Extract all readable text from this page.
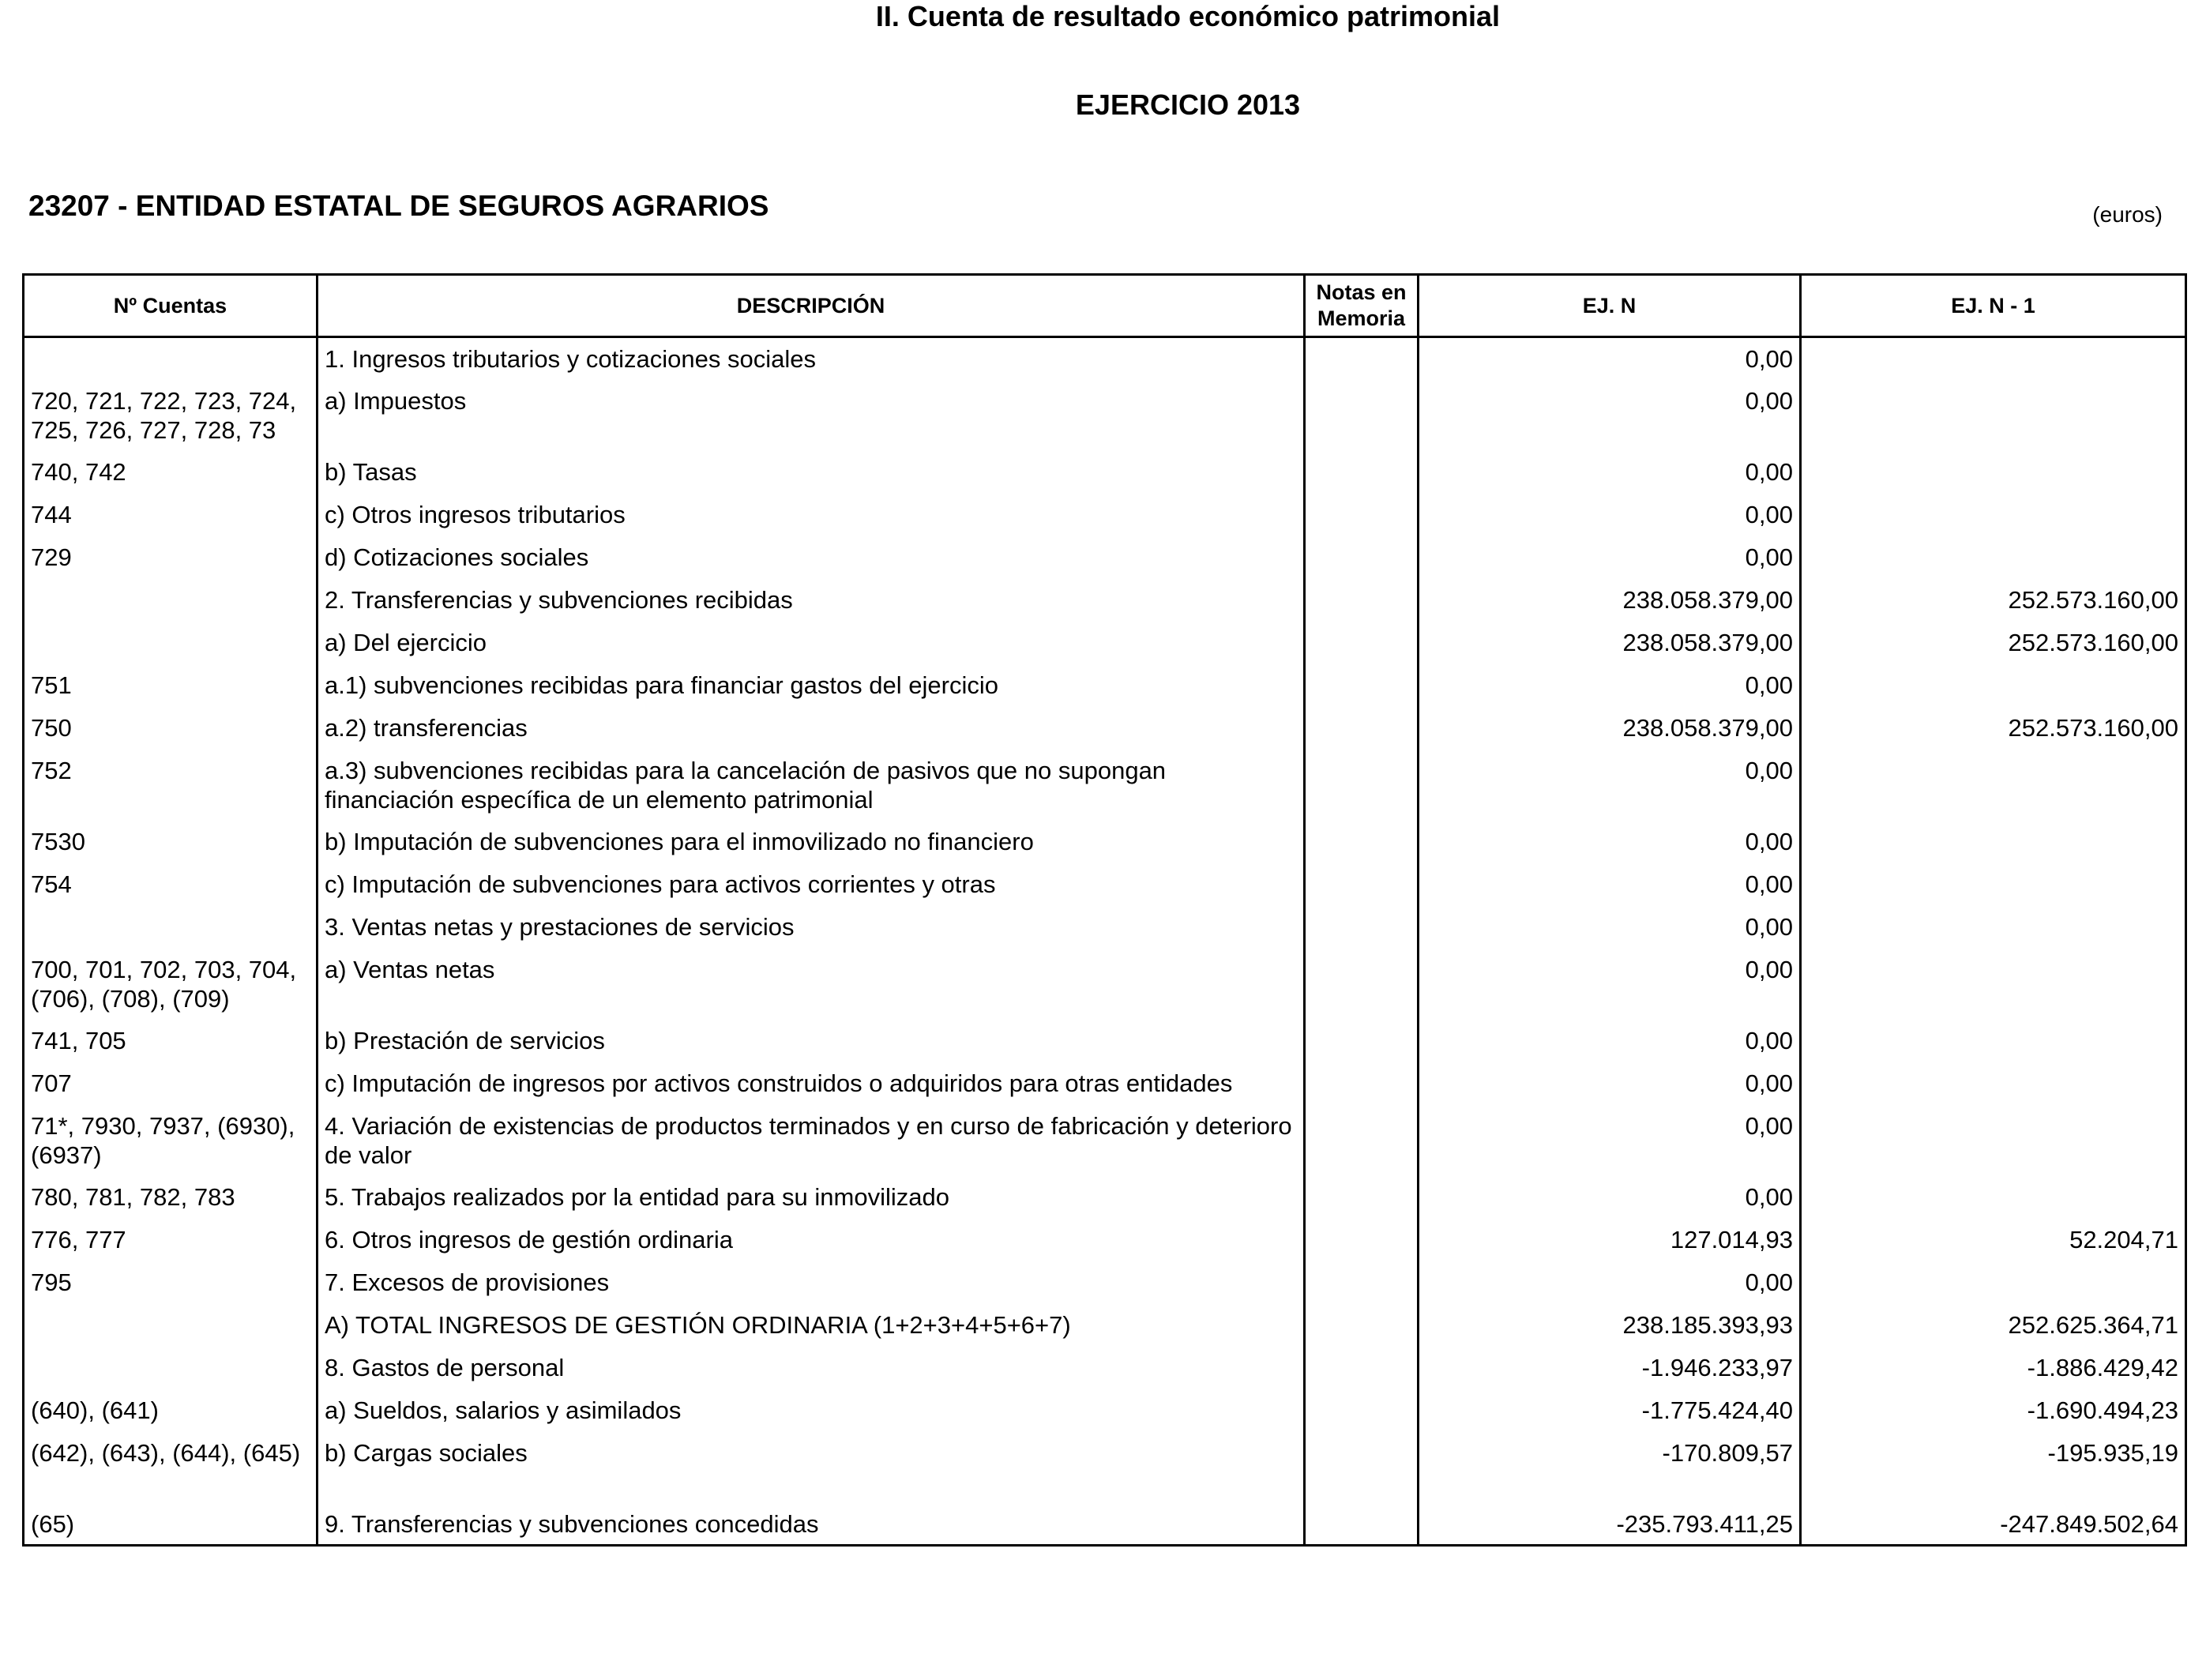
II. Cuenta de resultado económico patrimonial
EJERCICIO 2013
23207 - ENTIDAD ESTATAL DE SEGUROS AGRARIOS	(euros)
Nº Cuentas	DESCRIPCIÓN	Notas en Memoria	EJ. N	EJ. N - 1
	1. Ingresos tributarios y cotizaciones sociales		0,00	
720, 721, 722, 723, 724, 725, 726, 727, 728, 73	a) Impuestos		0,00	
740, 742	b) Tasas		0,00	
744	c) Otros ingresos tributarios		0,00	
729	d) Cotizaciones sociales		0,00	
	2. Transferencias y subvenciones recibidas		238.058.379,00	252.573.160,00
	a) Del ejercicio		238.058.379,00	252.573.160,00
751	a.1) subvenciones recibidas para financiar gastos del ejercicio		0,00	
750	a.2) transferencias		238.058.379,00	252.573.160,00
752	a.3) subvenciones recibidas para la cancelación de pasivos que no supongan financiación específica de un elemento patrimonial		0,00	
7530	b) Imputación de subvenciones para el inmovilizado no financiero		0,00	
754	c) Imputación de subvenciones para activos corrientes y otras		0,00	
	3. Ventas netas y prestaciones de servicios		0,00	
700, 701, 702, 703, 704, (706), (708), (709)	a) Ventas netas		0,00	
741, 705	b) Prestación de servicios		0,00	
707	c) Imputación de ingresos por activos construidos o adquiridos para otras entidades		0,00	
71*, 7930, 7937, (6930), (6937)	4. Variación de existencias de productos terminados y en curso de fabricación y deterioro de valor		0,00	
780, 781, 782, 783	5. Trabajos realizados por la entidad para su inmovilizado		0,00	
776, 777	6. Otros ingresos de gestión ordinaria		127.014,93	52.204,71
795	7. Excesos de provisiones		0,00	
	A) TOTAL INGRESOS DE GESTIÓN ORDINARIA (1+2+3+4+5+6+7)		238.185.393,93	252.625.364,71
	8. Gastos de personal		-1.946.233,97	-1.886.429,42
(640), (641)	a) Sueldos, salarios y asimilados		-1.775.424,40	-1.690.494,23
(642), (643), (644), (645)	b) Cargas sociales		-170.809,57	-195.935,19
(65)	9. Transferencias y subvenciones concedidas		-235.793.411,25	-247.849.502,64
